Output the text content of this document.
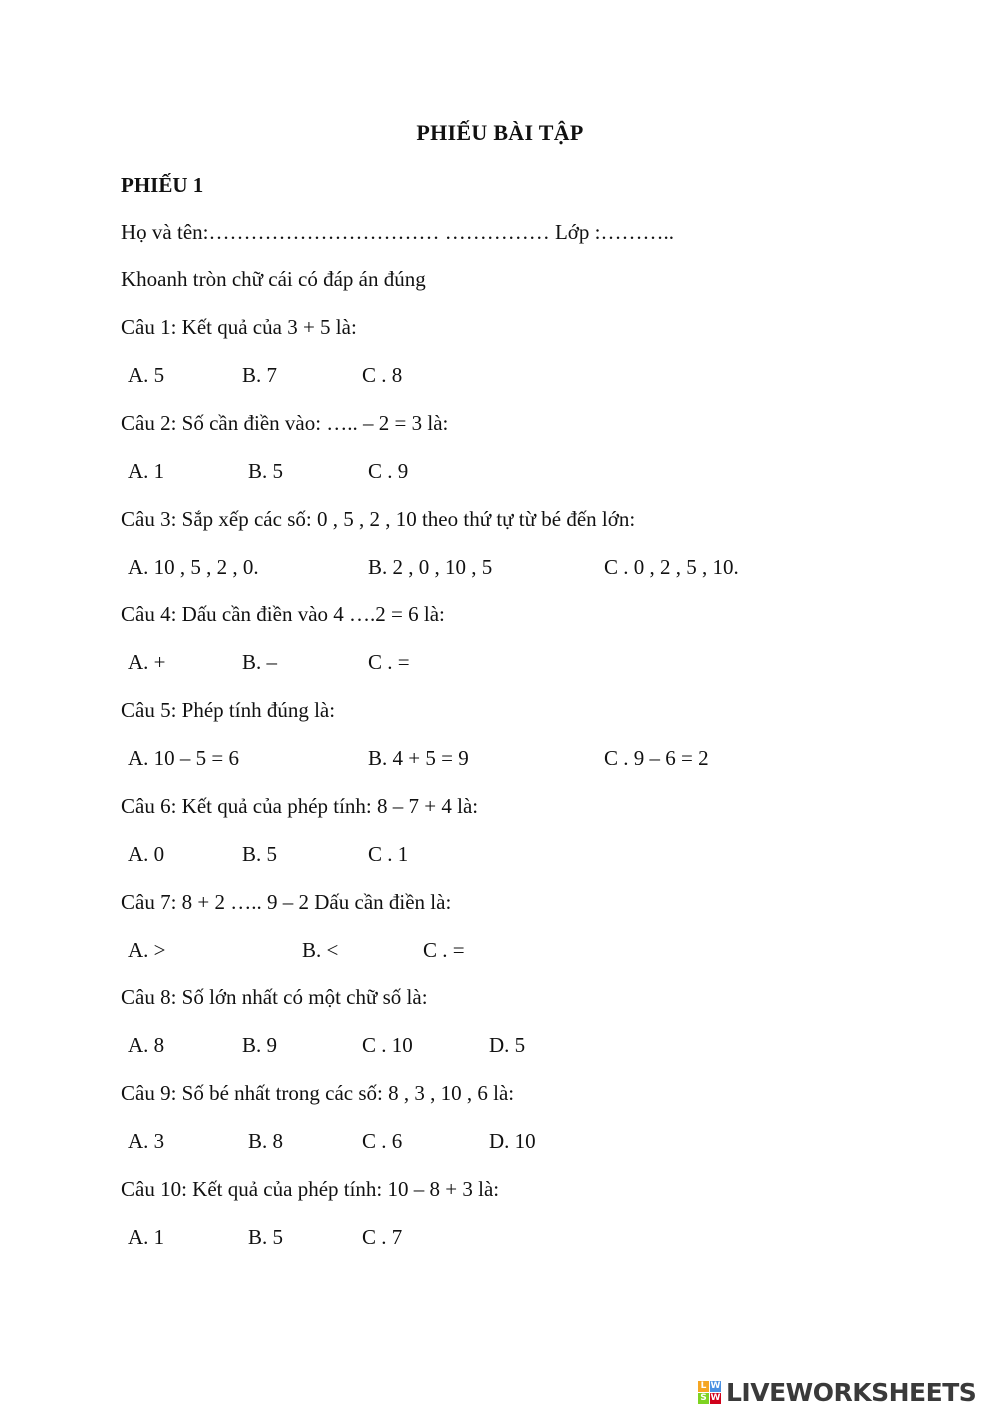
PHIẾU BÀI TẬP
PHIẾU 1
Họ và tên:…………………………… …………… Lớp :………..
Khoanh tròn chữ cái có đáp án đúng
Câu 1: Kết quả của 3 + 5 là:
A. 5	B. 7	C . 8
Câu 2: Số cần điền vào: ….. – 2 = 3 là:
A. 1	B. 5	C . 9
Câu 3: Sắp xếp các số: 0 , 5 , 2 , 10 theo thứ tự từ bé đến lớn:
A. 10 , 5 , 2 , 0.	B. 2 , 0 , 10 , 5	C . 0 , 2 , 5 , 10.
Câu 4: Dấu cần điền vào 4 ….2 = 6 là:
A. +	B. –	C . =
Câu 5: Phép tính đúng là:
A. 10 – 5 = 6	B. 4 + 5 = 9	C . 9 – 6 = 2
Câu 6: Kết quả của phép tính: 8 – 7 + 4 là:
A. 0	B. 5	C . 1
Câu 7: 8 + 2 ….. 9 – 2 Dấu cần điền là:
A. >	B. <	C . =
Câu 8: Số lớn nhất có một chữ số là:
A. 8	B. 9	C . 10	D. 5
Câu 9: Số bé nhất trong các số: 8 , 3 , 10 , 6 là:
A. 3	B. 8	C . 6	D. 10
Câu 10: Kết quả của phép tính: 10 – 8 + 3 là:
A. 1	B. 5	C . 7
L W
S W LIVEWORKSHEETS
